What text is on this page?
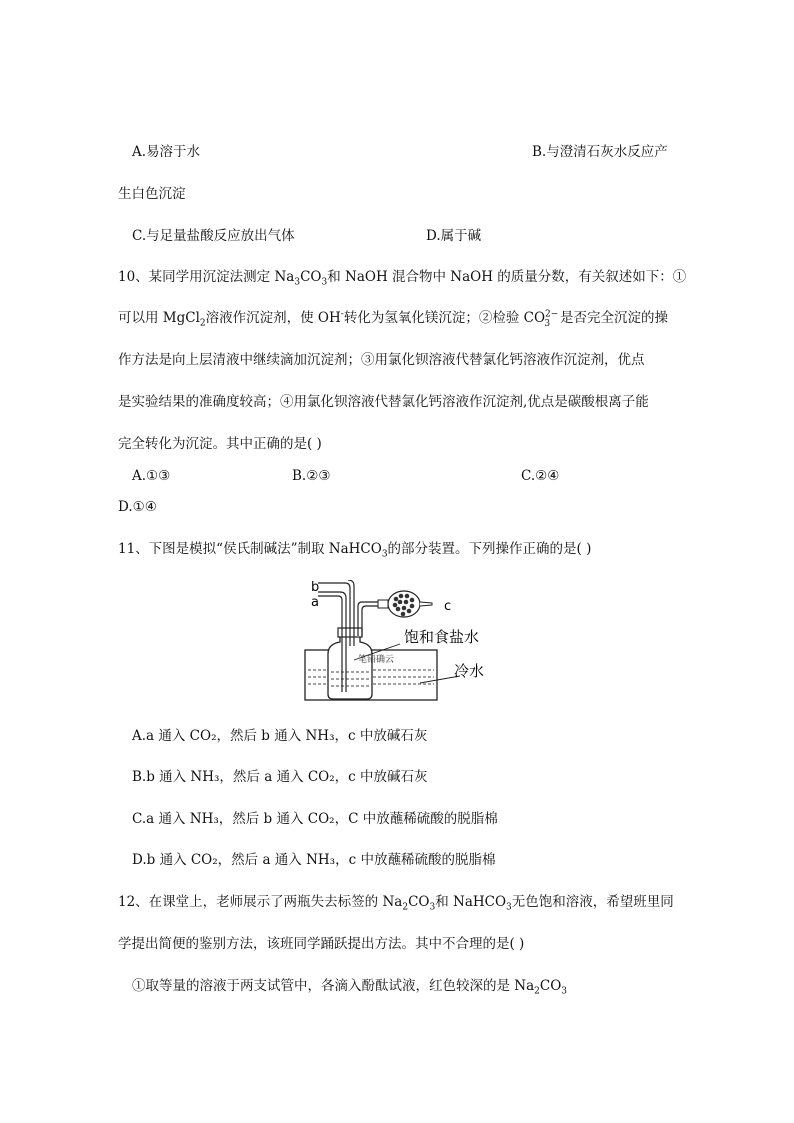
A.易溶于水	B.与澄清石灰水反应产
生白色沉淀
C.与足量盐酸反应放出气体	D.属于碱
10、某同学用沉淀法测定 $Na_3CO_3$和 NaOH 混合物中 NaOH 的质量分数，有关叙述如下：①
可以用 MgCl$_2$溶液作沉淀剂，使 OH-转化为氢氧化镁沉淀；②检验 $CO^{2-}_3$ 是否完全沉淀的操
作方法是向上层清液中继续滴加沉淀剂；③用氯化钡溶液代替氯化钙溶液作沉淀剂，优点
是实验结果的准确度较高；④用氯化钡溶液代替氯化钙溶液作沉淀剂,优点是碳酸根离子能
完全转化为沉淀。其中正确的是( )
A.①③	B.②③	C.②④
D.①④
11、下图是模拟“侯氏制碱法”制取 NaHCO$_3$的部分装置。下列操作正确的是( )
b
a	c
饱和食盐水
冷水
笔铅确云
A.a 通入 CO₂，然后 b 通入 NH₃，c 中放碱石灰
B.b 通入 NH₃，然后 a 通入 CO₂，c 中放碱石灰
C.a 通入 NH₃，然后 b 通入 CO₂，C 中放蘸稀硫酸的脱脂棉
D.b 通入 CO₂，然后 a 通入 NH₃，c 中放蘸稀硫酸的脱脂棉
12、在课堂上，老师展示了两瓶失去标签的 $Na_2CO_3$和 NaHCO$_3$无色饱和溶液，希望班里同
学提出简便的鉴别方法，该班同学踊跃提出方法。其中不合理的是( )
①取等量的溶液于两支试管中，各滴入酚酞试液，红色较深的是 $Na_2CO_3$
